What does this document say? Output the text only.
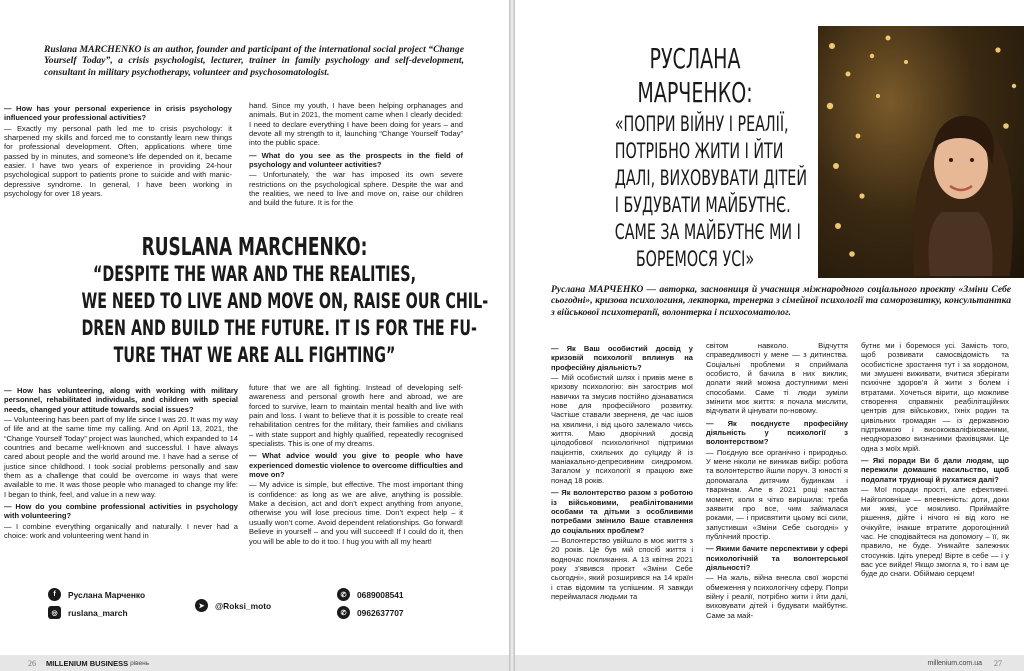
Ruslana MARCHENKO is an author, founder and participant of the international social project “Change Yourself Today”, a crisis psychologist, lecturer, trainer in family psychology and self-development, consultant in military psychotherapy, volunteer and psychosomatologist.

— How has your personal experience in crisis psychology influenced your professional activities?

— Exactly my personal path led me to crisis psychology: it sharpened my skills and forced me to constantly learn new things for professional development. Often, applications where time passed by in minutes, and someone’s life depended on it, became easier. I have two years of experience in providing 24-hour psychological support to patients prone to suicide and with manic-depressive syndrome. In general, I have been working in psychology for over 18 years.

hand. Since my youth, I have been helping orphanages and animals. But in 2021, the moment came when I clearly decided: I need to declare everything I have been doing for years – and devote all my strength to it, launching “Change Yourself Today” into the public space.

— What do you see as the prospects in the field of psychology and volunteer activities?

— Unfortunately, the war has imposed its own severe restrictions on the psychological sphere. Despite the war and the realities, we need to live and move on, raise our children and build the future. It is for the

RUSLANA MARCHENKO:
“DESPITE THE WAR AND THE REALITIES,
WE NEED TO LIVE AND MOVE ON, RAISE OUR CHIL-
DREN AND BUILD THE FUTURE. IT IS FOR THE FU-
TURE THAT WE ARE ALL FIGHTING”

— How has volunteering, along with working with military personnel, rehabilitated individuals, and children with special needs, changed your attitude towards social issues?

— Volunteering has been part of my life since I was 20. It was my way of life and at the same time my calling. And on April 13, 2021, the “Change Yourself Today” project was launched, which expanded to 14 countries and became well-known and successful. I have always cared about people and the world around me. I have had a sense of justice since childhood. I took social problems personally and saw them as a challenge that could be overcome in ways that were available to me. It was those people who managed to change my life: I began to think, feel, and value in a new way.

— How do you combine professional activities in psychology with volunteering?

— I combine everything organically and naturally. I never had a choice: work and volunteering went hand in

future that we are all fighting. Instead of developing self-awareness and personal growth here and abroad, we are forced to survive, learn to maintain mental health and live with pain and loss. I want to believe that it is possible to create real rehabilitation centres for the military, their families and civilians – with state support and highly qualified, repeatedly recognised specialists. This is one of my dreams.

— What advice would you give to people who have experienced domestic violence to overcome difficulties and move on?

— My advice is simple, but effective. The most important thing is confidence: as long as we are alive, anything is possible. Make a decision, act and don’t expect anything from anyone, otherwise you will lose precious time. Don’t expect help – it usually won’t come. Avoid dependent relationships. Go forward! Believe in yourself – and you will succeed! If I could do it, then you will be able to do it too. I hug you with all my heart!

f	Руслана Марченко
◎	ruslana_march
➤	@Roksi_moto
✆	0689008541
✆	0962637707
26 MILLENIUM BUSINESS рівень
РУСЛАНА
МАРЧЕНКО:
«ПОПРИ ВІЙНУ І РЕАЛІЇ,
ПОТРІБНО ЖИТИ І ЙТИ
ДАЛІ, ВИХОВУВАТИ ДІТЕЙ
І БУДУВАТИ МАЙБУТНЄ.
САМЕ ЗА МАЙБУТНЄ МИ І
БОРЕМОСЯ УСІ»
Руслана МАРЧЕНКО — авторка, засновниця й учасниця міжнародного соціального проєкту «Зміни Себе сьогодні», кризова психологиня, лекторка, тренерка з сімейної психології та саморозвитку, консультантка з військової психотерапії, волонтерка і психосоматолог.

— Як Ваш особистий досвід у кризовій психології вплинув на професійну діяльність?

— Мій особистий шлях і привів мене в кризову психологію: він загострив мої навички та змусив постійно дізнаватися нове для професійного розвитку. Частіше ставали зверненя, де час ішов на хвилини, і від цього залежало чиєсь життя. Маю дворічний досвід цілодобової психологічної підтримки пацієнтів, схильних до суїциду й із маніакально-депресивним синдромом. Загалом у психології я працюю вже понад 18 років.

— Як волонтерство разом з роботою із військовими, реабілітованими особами та дітьми з особливими потребами змінило Ваше ставлення до соціальних проблем?

— Волонтерство увійшло в моє життя з 20 років. Це був мій спосіб життя і водночас покликання. А 13 квітня 2021 року з’явився проєкт «Зміни Себе сьогодні», який розширився на 14 країн і став відомим та успішним. Я завжди переймалася людьми та

світом навколо. Відчуття справедливості у мене — з дитинства. Соціальні проблеми я сприймала особисто, й бачила в них виклик, долати який можна доступними мені способами. Саме ті люди зуміли змінити моє життя: я почала мислити, відчувати й цінувати по-новому.

— Як поєднуєте професійну діяльність у психології з волонтерством?

— Поєдную все органічно і природньо. У мене ніколи не виникав вибір: робота та волонтерство йшли поруч. З юності я допомагала дитячим будинкам і тваринам. Але в 2021 році настав момент, коли я чітко вирішила: треба заявити про все, чим займалася роками, — і присвятити цьому всі сили, запустивши «Зміни Себе сьогодні» у публічний простір.

— Якими бачите перспективи у сфері психологічній та волонтерської діяльності?

— На жаль, війна внесла свої жорсткі обмеження у психологічну сферу. Попри війну і реалії, потрібно жити і йти далі, виховувати дітей і будувати майбутнє. Саме за май-

бутнє ми і боремося усі. Замість того, щоб розвивати самосвідомість та особистісне зростання тут і за кордоном, ми змушені виживати, вчитися зберігати психічне здоров’я й жити з болем і втратами. Хочеться вірити, що можливе створення справжніх реабілітаційних центрів для військових, їхніх родин та цивільних громадян — із державною підтримкою і висококваліфікованими, неодноразово визнаними фахівцями. Це одна з моїх мрій.

— Які поради Ви б дали людям, що пережили домашнє насильство, щоб подолати труднощі й рухатися далі?

— Мої поради прості, але ефективні. Найголовніше — впевненість: доти, доки ми живі, усе можливо. Приймайте рішення, дійте і нічого ні від кого не очікуйте, інакше втратите дорогоцінний час. Не сподівайтеся на допомогу – її, як правило, не буде. Уникайте залежних стосунків. Ідіть уперед! Вірте в себе — і у вас усе вийде! Якщо змогла я, то і вам це буде до снаги. Обіймаю серцем!

millenium.com.ua 27
